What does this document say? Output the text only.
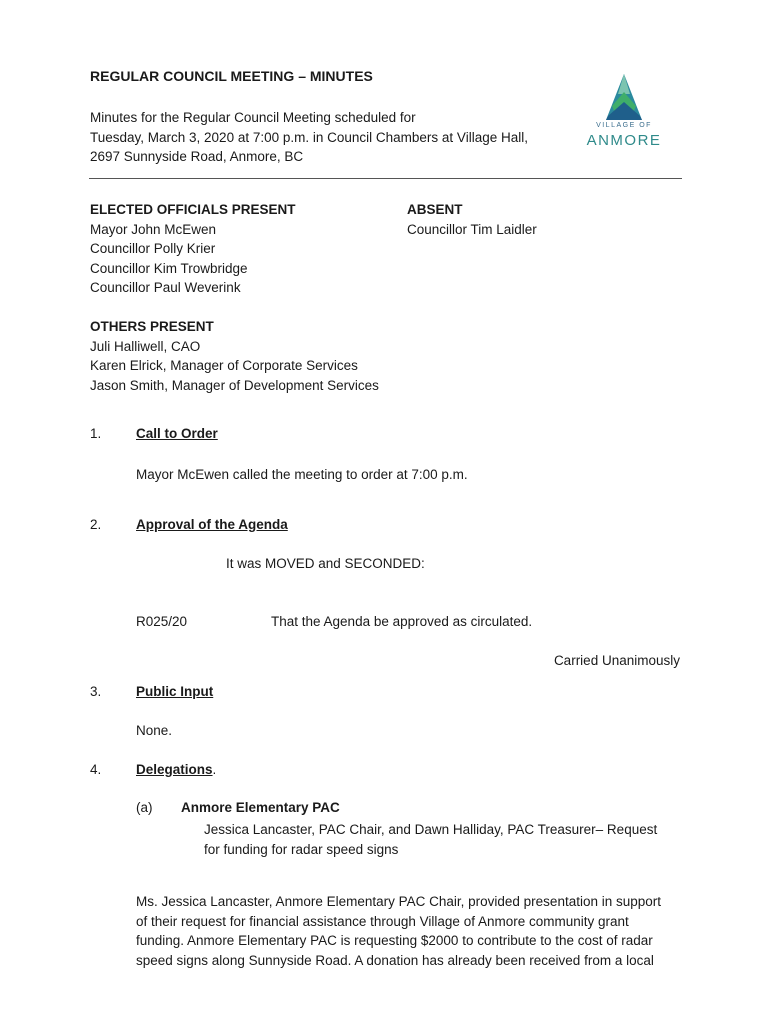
REGULAR COUNCIL MEETING – MINUTES
Minutes for the Regular Council Meeting scheduled for
Tuesday, March 3, 2020 at 7:00 p.m. in Council Chambers at Village Hall,
2697 Sunnyside Road, Anmore, BC
VILLAGE OF
ANMORE
ELECTED OFFICIALS PRESENT
Mayor John McEwen
Councillor Polly Krier
Councillor Kim Trowbridge
Councillor Paul Weverink
ABSENT
Councillor Tim Laidler
OTHERS PRESENT
Juli Halliwell, CAO
Karen Elrick, Manager of Corporate Services
Jason Smith, Manager of Development Services
1.	Call to Order
Mayor McEwen called the meeting to order at 7:00 p.m.
2.	Approval of the Agenda
It was MOVED and SECONDED:
R025/20	That the Agenda be approved as circulated.
Carried Unanimously
3.	Public Input
None.
4.	Delegations.
(a) Anmore Elementary PAC
Jessica Lancaster, PAC Chair, and Dawn Halliday, PAC Treasurer– Request
for funding for radar speed signs
Ms. Jessica Lancaster, Anmore Elementary PAC Chair, provided presentation in support
of their request for financial assistance through Village of Anmore community grant
funding. Anmore Elementary PAC is requesting $2000 to contribute to the cost of radar
speed signs along Sunnyside Road. A donation has already been received from a local
